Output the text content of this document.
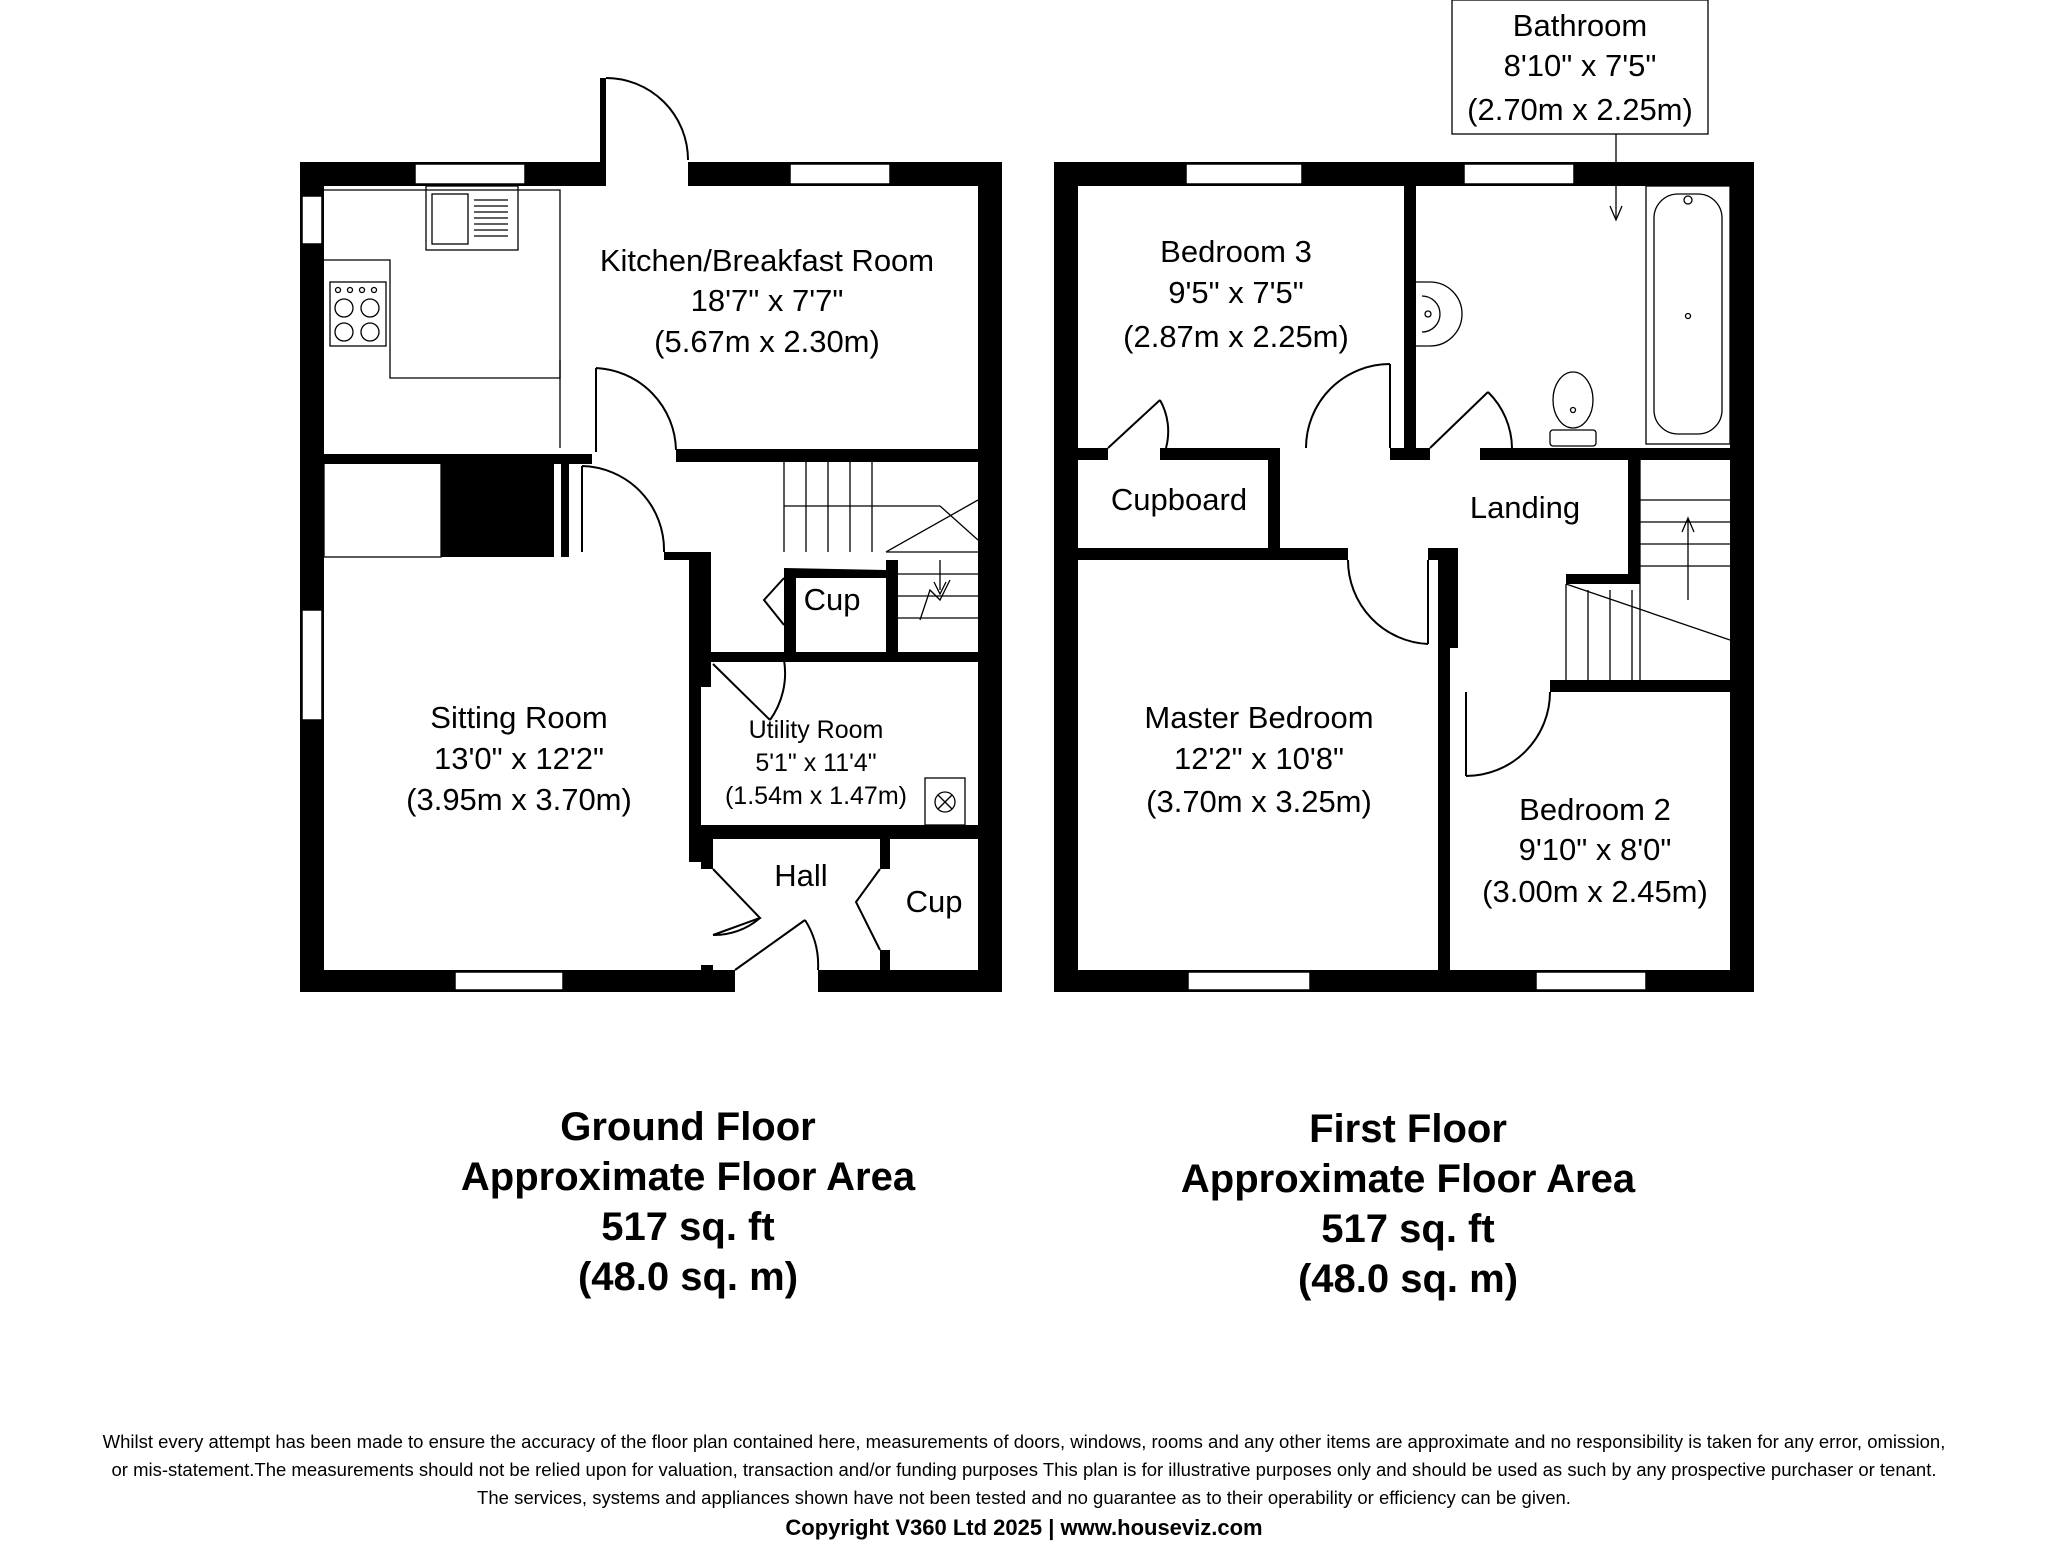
Kitchen/Breakfast Room
18'7" x 7'7"
(5.67m x 2.30m)
Sitting Room
13'0" x 12'2"
(3.95m x 3.70m)
Utility Room
5'1" x 11'4"
(1.54m x 1.47m)
Hall
Cup
Cup
Bathroom
8'10" x 7'5"
(2.70m x 2.25m)
Bedroom 3
9'5" x 7'5"
(2.87m x 2.25m)
Cupboard	Landing
Master Bedroom
12'2" x 10'8"
(3.70m x 3.25m)	Bedroom 2
9'10" x 8'0"
(3.00m x 2.45m)
Ground Floor
Approximate Floor Area
517 sq. ft
(48.0 sq. m)
First Floor
Approximate Floor Area
517 sq. ft
(48.0 sq. m)
Whilst every attempt has been made to ensure the accuracy of the floor plan contained here, measurements of doors, windows, rooms and any other items are approximate and no responsibility is taken for any error, omission,
or mis-statement.The measurements should not be relied upon for valuation, transaction and/or funding purposes This plan is for illustrative purposes only and should be used as such by any prospective purchaser or tenant.
The services, systems and appliances shown have not been tested and no guarantee as to their operability or efficiency can be given.
Copyright V360 Ltd 2025 | www.houseviz.com
